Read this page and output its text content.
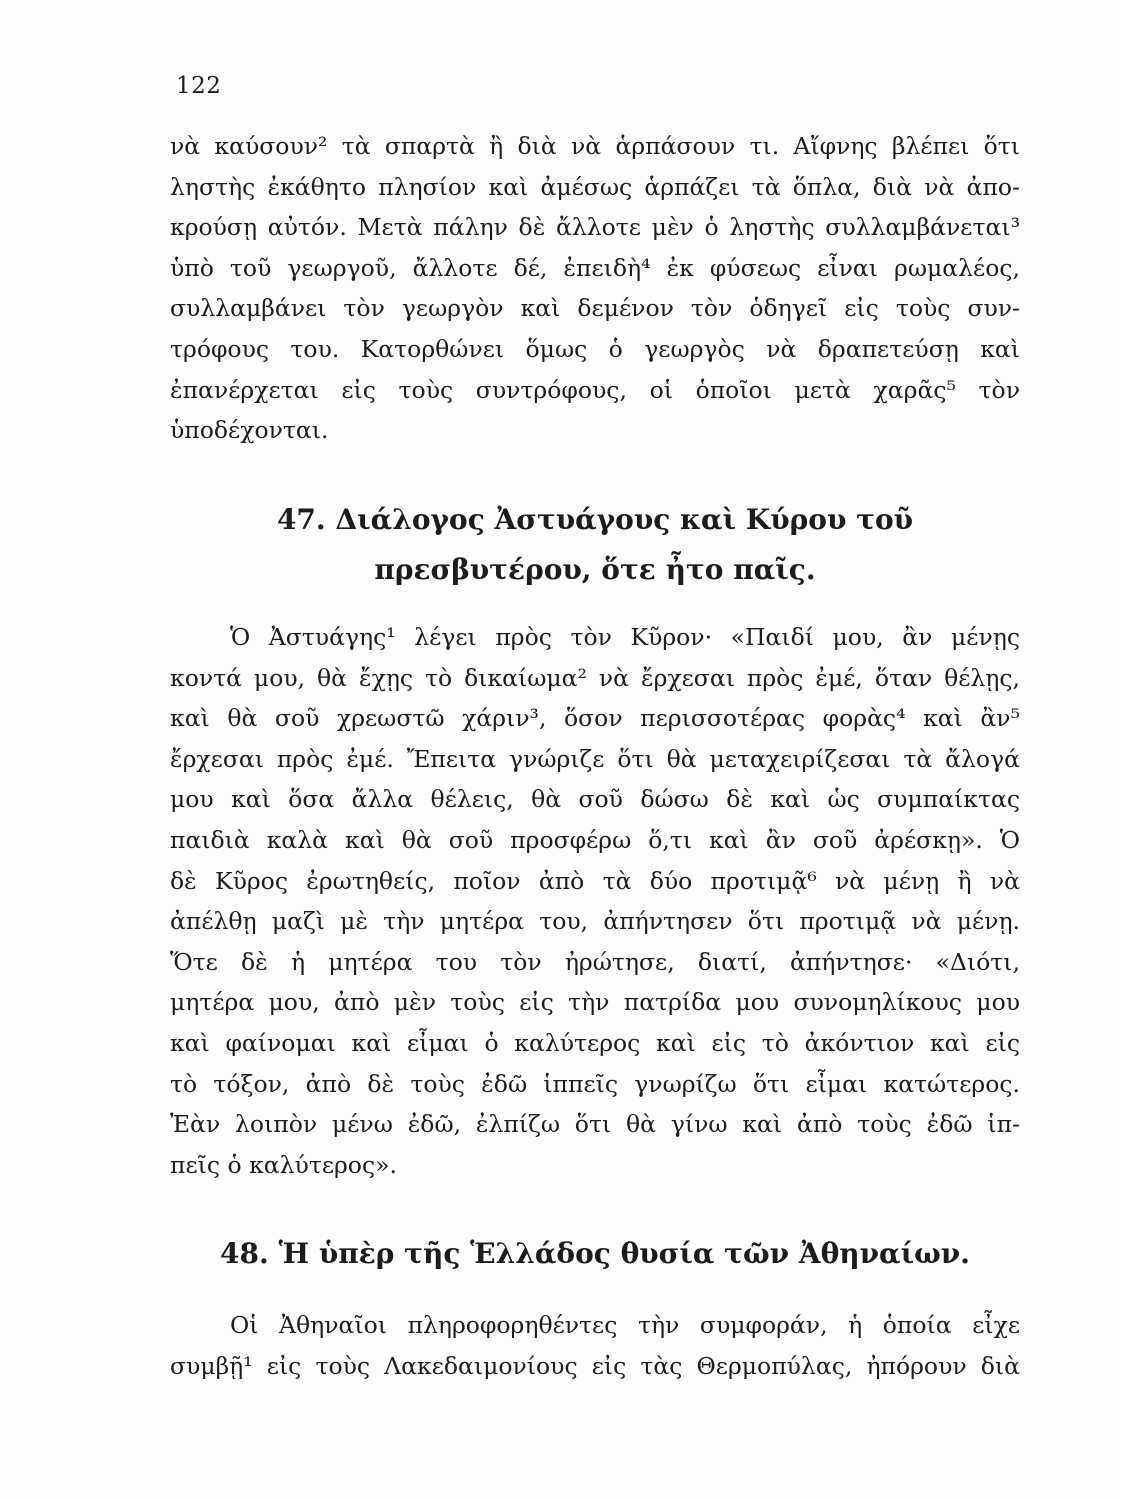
122
νὰ καύσουν² τὰ σπαρτὰ ἢ διὰ νὰ ἁρπάσουν τι. Αἴφνης βλέπει ὅτι
ληστὴς ἐκάθητο πλησίον καὶ ἀμέσως ἁρπάζει τὰ ὅπλα, διὰ νὰ ἀπο-
κρούσῃ αὐτόν. Μετὰ πάλην δὲ ἄλλοτε μὲν ὁ ληστὴς συλλαμβάνεται³
ὑπὸ τοῦ γεωργοῦ, ἄλλοτε δέ, ἐπειδὴ⁴ ἐκ φύσεως εἶναι ρωμαλέος,
συλλαμβάνει τὸν γεωργὸν καὶ δεμένον τὸν ὁδηγεῖ εἰς τοὺς συν-
τρόφους του. Κατορθώνει ὅμως ὁ γεωργὸς νὰ δραπετεύσῃ καὶ
ἐπανέρχεται εἰς τοὺς συντρόφους, οἱ ὁποῖοι μετὰ χαρᾶς⁵ τὸν
ὑποδέχονται.
47. Διάλογος Ἀστυάγους καὶ Κύρου τοῦ
πρεσβυτέρου, ὅτε ἦτο παῖς.
Ὁ Ἀστυάγης¹ λέγει πρὸς τὸν Κῦρον· «Παιδί μου, ἂν μένῃς
κοντά μου, θὰ ἔχῃς τὸ δικαίωμα² νὰ ἔρχεσαι πρὸς ἐμέ, ὅταν θέλῃς,
καὶ θὰ σοῦ χρεωστῶ χάριν³, ὅσον περισσοτέρας φορὰς⁴ καὶ ἂν⁵
ἔρχεσαι πρὸς ἐμέ. Ἔπειτα γνώριζε ὅτι θὰ μεταχειρίζεσαι τὰ ἄλογά
μου καὶ ὅσα ἄλλα θέλεις, θὰ σοῦ δώσω δὲ καὶ ὡς συμπαίκτας
παιδιὰ καλὰ καὶ θὰ σοῦ προσφέρω ὅ,τι καὶ ἂν σοῦ ἀρέσκῃ». Ὁ
δὲ Κῦρος ἐρωτηθείς, ποῖον ἀπὸ τὰ δύο προτιμᾷ⁶ νὰ μένῃ ἢ νὰ
ἀπέλθῃ μαζὶ μὲ τὴν μητέρα του, ἀπήντησεν ὅτι προτιμᾷ νὰ μένῃ.
Ὅτε δὲ ἡ μητέρα του τὸν ἠρώτησε, διατί, ἀπήντησε· «Διότι,
μητέρα μου, ἀπὸ μὲν τοὺς εἰς τὴν πατρίδα μου συνομηλίκους μου
καὶ φαίνομαι καὶ εἶμαι ὁ καλύτερος καὶ εἰς τὸ ἀκόντιον καὶ εἰς
τὸ τόξον, ἀπὸ δὲ τοὺς ἐδῶ ἱππεῖς γνωρίζω ὅτι εἶμαι κατώτερος.
Ἐὰν λοιπὸν μένω ἐδῶ, ἐλπίζω ὅτι θὰ γίνω καὶ ἀπὸ τοὺς ἐδῶ ἱπ-
πεῖς ὁ καλύτερος».
48. Ἡ ὑπὲρ τῆς Ἑλλάδος θυσία τῶν Ἀθηναίων.
Οἱ Ἀθηναῖοι πληροφορηθέντες τὴν συμφοράν, ἡ ὁποία εἶχε
συμβῇ¹ εἰς τοὺς Λακεδαιμονίους εἰς τὰς Θερμοπύλας, ἠπόρουν διὰ
